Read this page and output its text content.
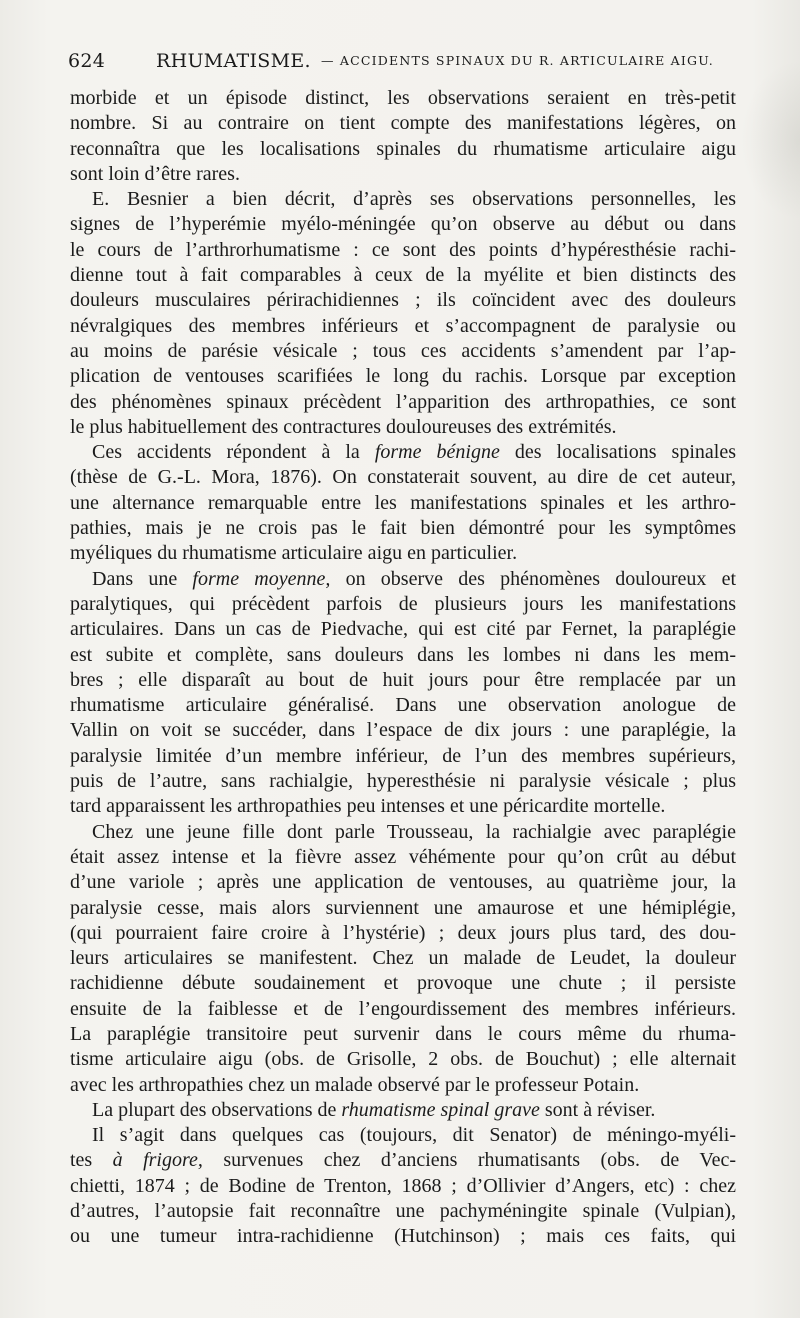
624	RHUMATISME. — ACCIDENTS SPINAUX DU R. ARTICULAIRE AIGU.
morbide et un épisode distinct, les observations seraient en très-petit
nombre. Si au contraire on tient compte des manifestations légères, on
reconnaîtra que les localisations spinales du rhumatisme articulaire aigu
sont loin d’être rares.
E. Besnier a bien décrit, d’après ses observations personnelles, les
signes de l’hyperémie myélo-méningée qu’on observe au début ou dans
le cours de l’arthrorhumatisme : ce sont des points d’hypéresthésie rachi-
dienne tout à fait comparables à ceux de la myélite et bien distincts des
douleurs musculaires périrachidiennes ; ils coïncident avec des douleurs
névralgiques des membres inférieurs et s’accompagnent de paralysie ou
au moins de parésie vésicale ; tous ces accidents s’amendent par l’ap-
plication de ventouses scarifiées le long du rachis. Lorsque par exception
des phénomènes spinaux précèdent l’apparition des arthropathies, ce sont
le plus habituellement des contractures douloureuses des extrémités.
Ces accidents répondent à la forme bénigne des localisations spinales
(thèse de G.-L. Mora, 1876). On constaterait souvent, au dire de cet auteur,
une alternance remarquable entre les manifestations spinales et les arthro-
pathies, mais je ne crois pas le fait bien démontré pour les symptômes
myéliques du rhumatisme articulaire aigu en particulier.
Dans une forme moyenne, on observe des phénomènes douloureux et
paralytiques, qui précèdent parfois de plusieurs jours les manifestations
articulaires. Dans un cas de Piedvache, qui est cité par Fernet, la paraplégie
est subite et complète, sans douleurs dans les lombes ni dans les mem-
bres ; elle disparaît au bout de huit jours pour être remplacée par un
rhumatisme articulaire généralisé. Dans une observation anologue de
Vallin on voit se succéder, dans l’espace de dix jours : une paraplégie, la
paralysie limitée d’un membre inférieur, de l’un des membres supérieurs,
puis de l’autre, sans rachialgie, hyperesthésie ni paralysie vésicale ; plus
tard apparaissent les arthropathies peu intenses et une péricardite mortelle.
Chez une jeune fille dont parle Trousseau, la rachialgie avec paraplégie
était assez intense et la fièvre assez véhémente pour qu’on crût au début
d’une variole ; après une application de ventouses, au quatrième jour, la
paralysie cesse, mais alors surviennent une amaurose et une hémiplégie,
(qui pourraient faire croire à l’hystérie) ; deux jours plus tard, des dou-
leurs articulaires se manifestent. Chez un malade de Leudet, la douleur
rachidienne débute soudainement et provoque une chute ; il persiste
ensuite de la faiblesse et de l’engourdissement des membres inférieurs.
La paraplégie transitoire peut survenir dans le cours même du rhuma-
tisme articulaire aigu (obs. de Grisolle, 2 obs. de Bouchut) ; elle alternait
avec les arthropathies chez un malade observé par le professeur Potain.
La plupart des observations de rhumatisme spinal grave sont à réviser.
Il s’agit dans quelques cas (toujours, dit Senator) de méningo-myéli-
tes à frigore, survenues chez d’anciens rhumatisants (obs. de Vec-
chietti, 1874 ; de Bodine de Trenton, 1868 ; d’Ollivier d’Angers, etc) : chez
d’autres, l’autopsie fait reconnaître une pachyméningite spinale (Vulpian),
ou une tumeur intra-rachidienne (Hutchinson) ; mais ces faits, qui
